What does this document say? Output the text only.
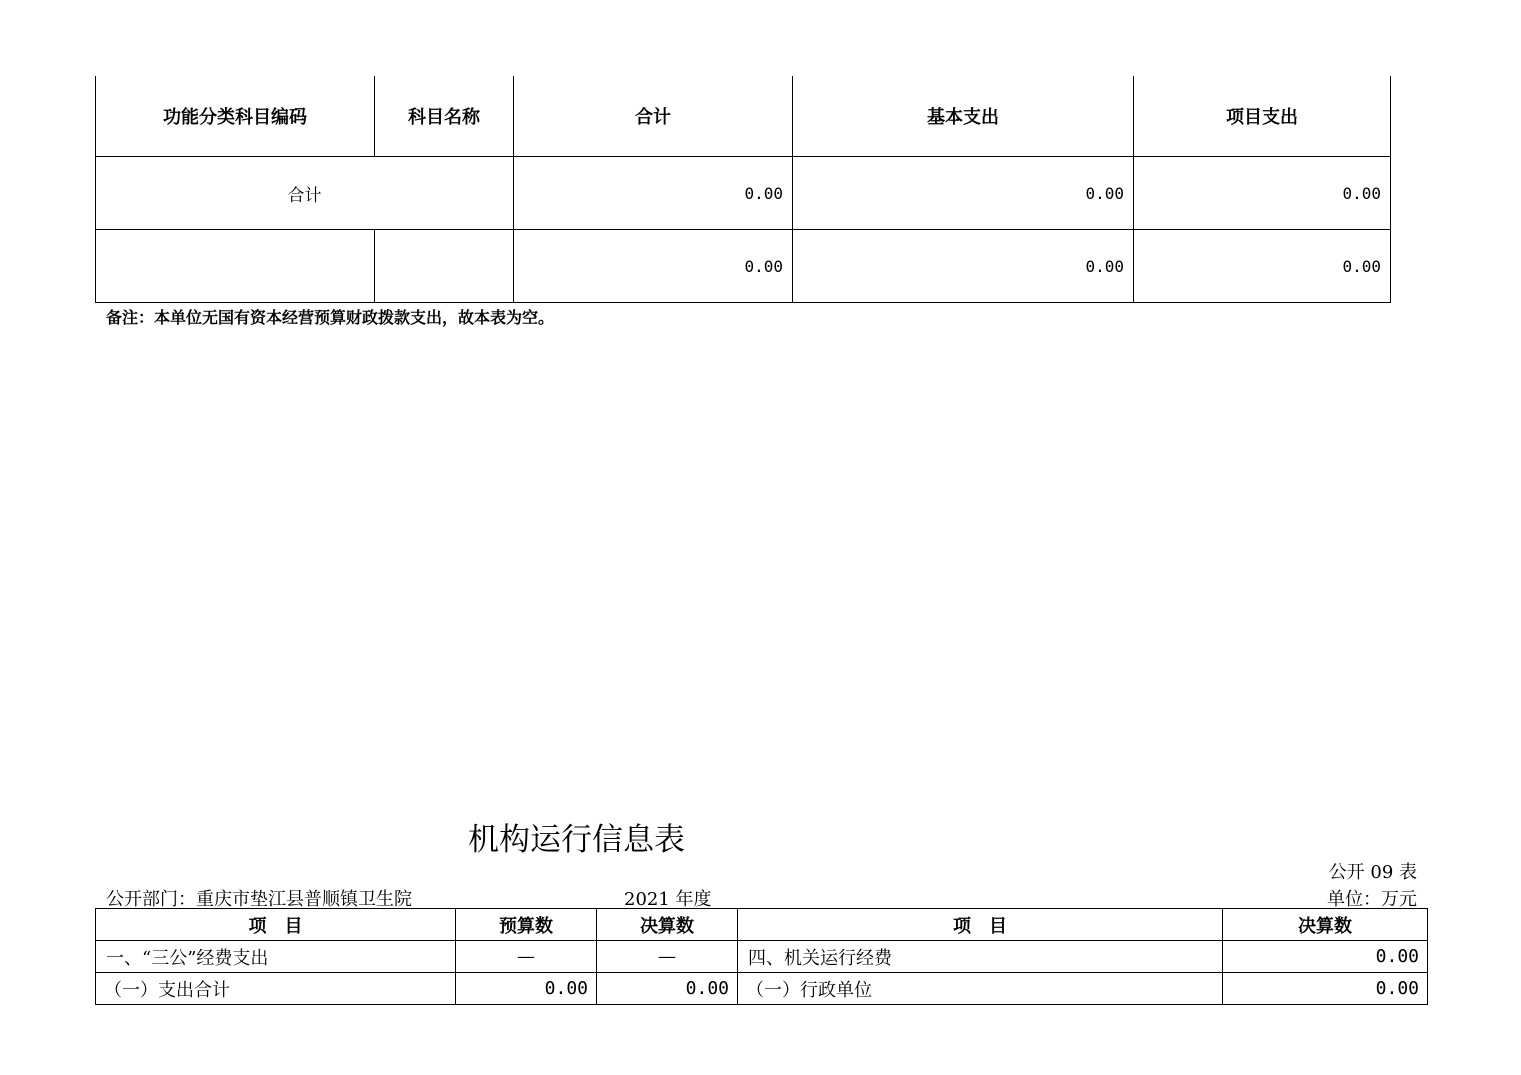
功能分类科目编码	科目名称	合计	基本支出	项目支出
合计		0.00	0.00	0.00
		0.00	0.00	0.00
备注：本单位无国有资本经营预算财政拨款支出，故本表为空。
机构运行信息表
公开 09 表
公开部门：重庆市垫江县普顺镇卫生院	2021 年度	单位：万元
项　目	预算数	决算数	项　目	决算数
一、“三公”经费支出	—	—	四、机关运行经费	0.00
（一）支出合计	0.00	0.00	（一）行政单位	0.00
